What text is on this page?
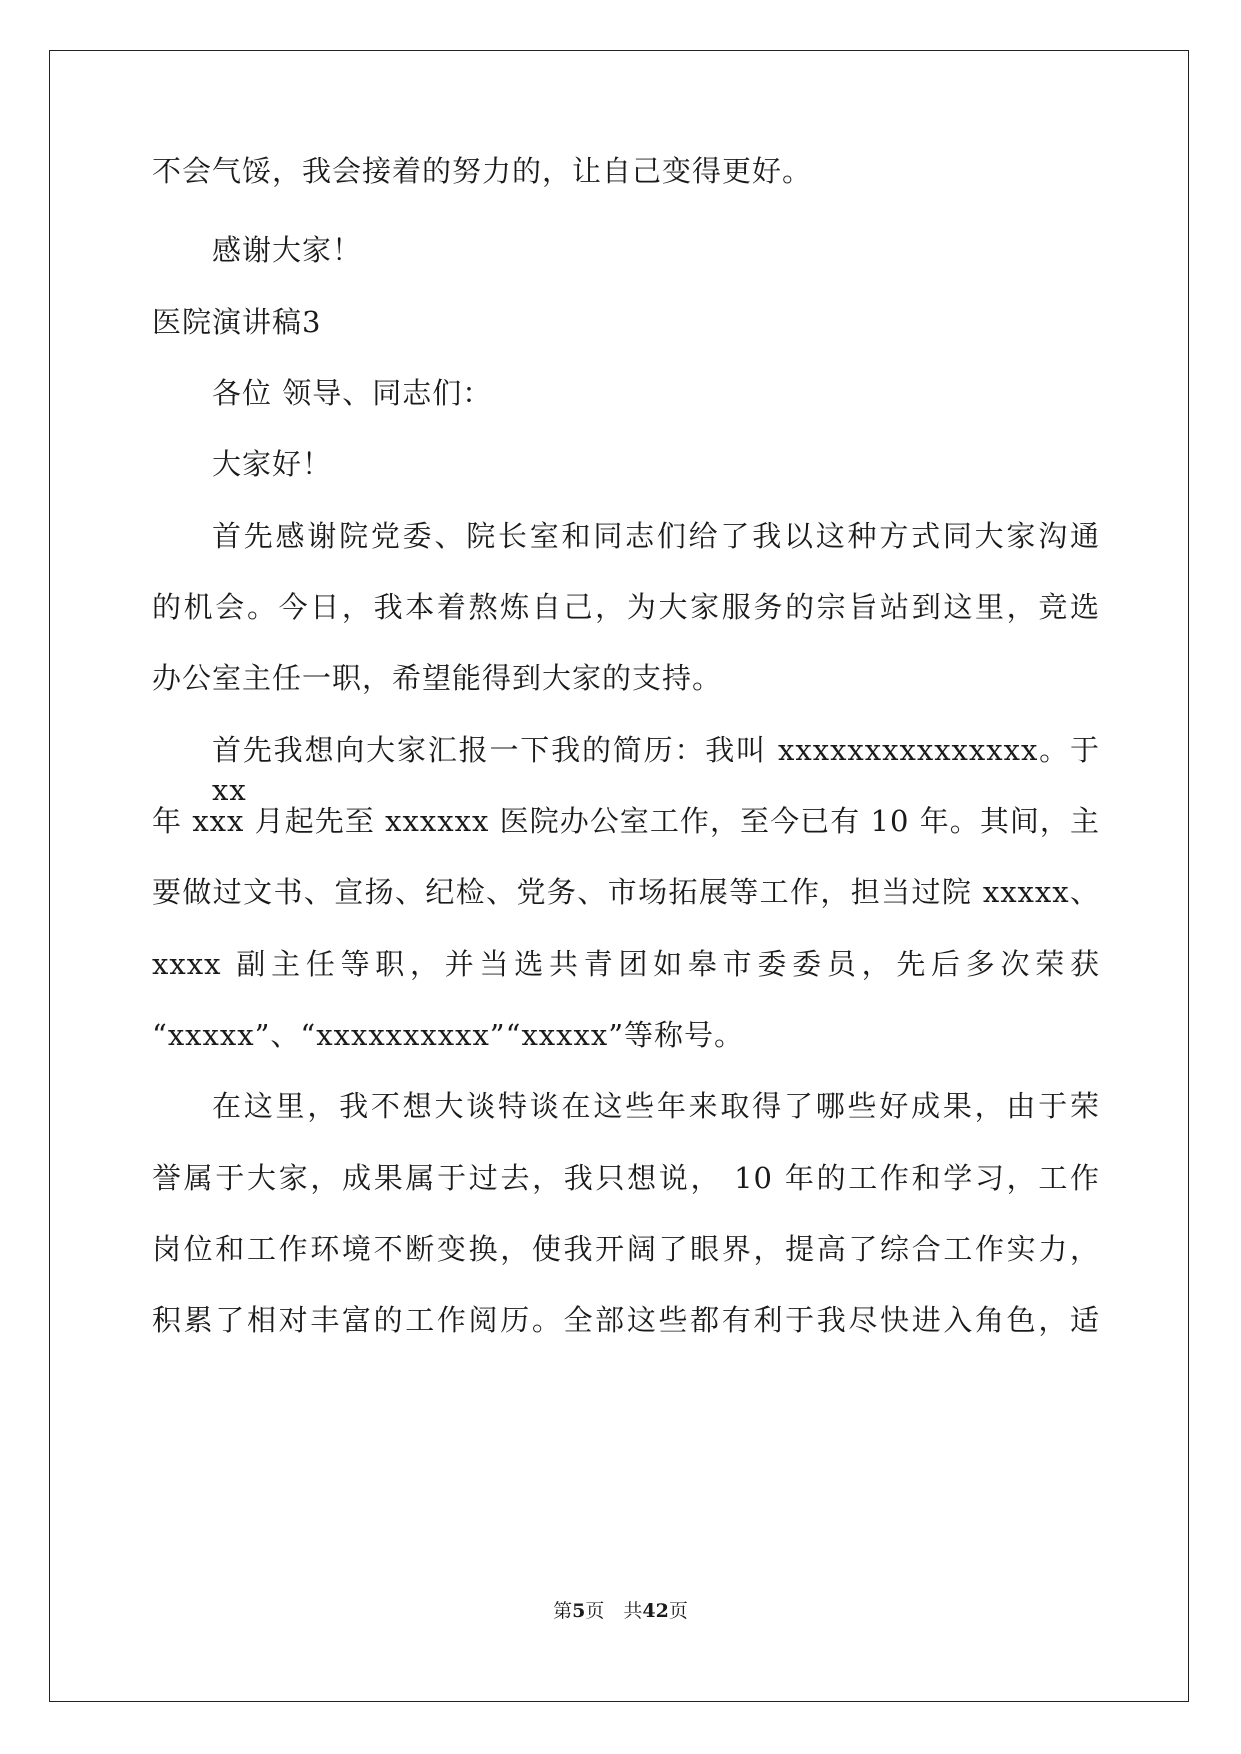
不会气馁，我会接着的努力的，让自己变得更好。
感谢大家！
医院演讲稿3
各位 领导、同志们：
大家好！
首先感谢院党委、院长室和同志们给了我以这种方式同大家沟通
的机会。今日，我本着熬炼自己，为大家服务的宗旨站到这里，竞选
办公室主任一职，希望能得到大家的支持。
首先我想向大家汇报一下我的简历：我叫 xxxxxxxxxxxxxxx。于 xx
年 xxx 月起先至 xxxxxx 医院办公室工作，至今已有 10 年。其间，主
要做过文书、宣扬、纪检、党务、市场拓展等工作，担当过院 xxxxx、
xxxx 副主任等职，并当选共青团如皋市委委员，先后多次荣获
“xxxxx”、“xxxxxxxxxx”“xxxxx”等称号。
在这里，我不想大谈特谈在这些年来取得了哪些好成果，由于荣
誉属于大家，成果属于过去，我只想说， 10 年的工作和学习，工作
岗位和工作环境不断变换，使我开阔了眼界，提高了综合工作实力，
积累了相对丰富的工作阅历。全部这些都有利于我尽快进入角色，适
第5页　共42页
